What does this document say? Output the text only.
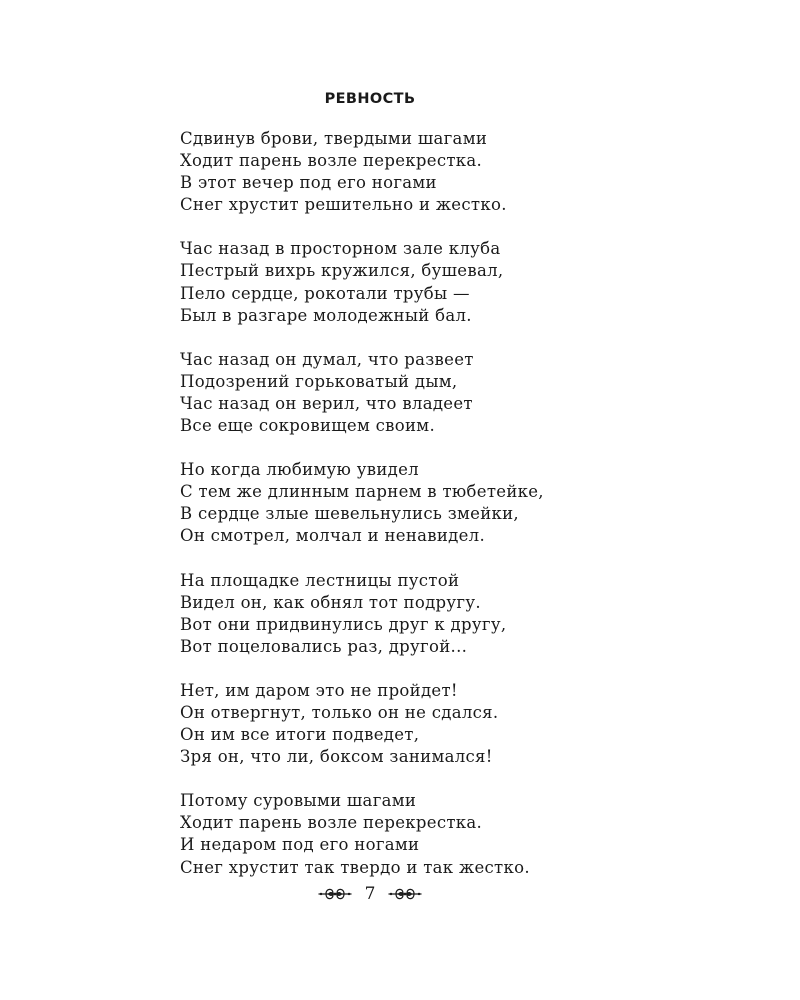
РЕВНОСТЬ

Сдвинув брови, твердыми шагами
Ходит парень возле перекрестка.
В этот вечер под его ногами
Снег хрустит решительно и жестко.

Час назад в просторном зале клуба
Пестрый вихрь кружился, бушевал,
Пело сердце, рокотали трубы —
Был в разгаре молодежный бал.

Час назад он думал, что развеет
Подозрений горьковатый дым,
Час назад он верил, что владеет
Все еще сокровищем своим.

Но когда любимую увидел
С тем же длинным парнем в тюбетейке,
В сердце злые шевельнулись змейки,
Он смотрел, молчал и ненавидел.

На площадке лестницы пустой
Видел он, как обнял тот подругу.
Вот они придвинулись друг к другу,
Вот поцеловались раз, другой...

Нет, им даром это не пройдет!
Он отвергнут, только он не сдался.
Он им все итоги подведет,
Зря он, что ли, боксом занимался!

Потому суровыми шагами
Ходит парень возле перекрестка.
И недаром под его ногами
Снег хрустит так твердо и так жестко.

7
